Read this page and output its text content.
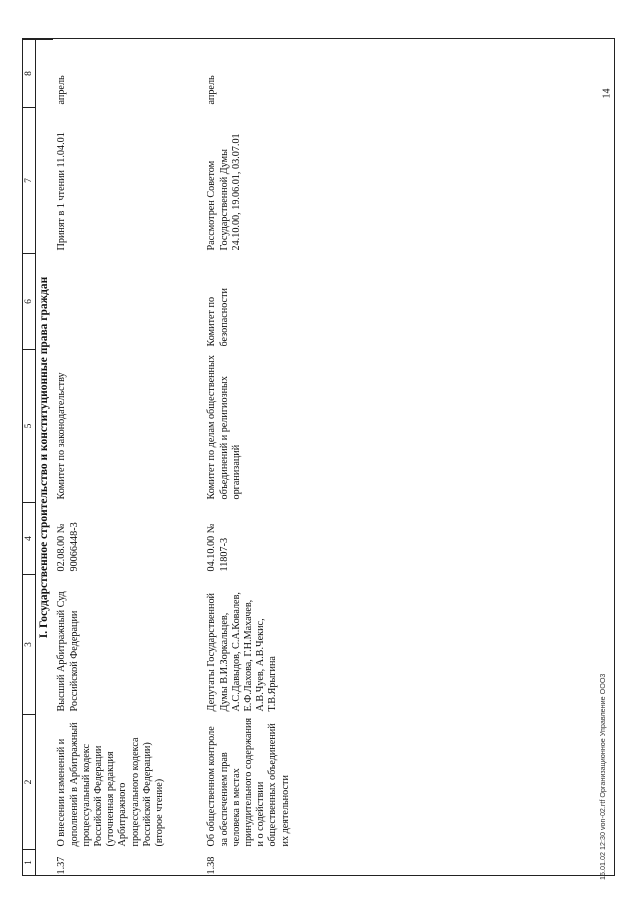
1	2	3	4	5	6	7	8
I. Государственное строительство и конституционные права граждан							
1.37	О внесении изменений и дополнений в Арбитражный процессуальный кодекс Российской Федерации (уточненная редакция Арбитражного процессуального кодекса Российской Федерации) (второе чтение)	Высший Арбитражный Суд Российской Федерации	02.08.00 № 90066448-3	Комитет по законодательству		Принят в 1 чтении 11.04.01	апрель
1.38	Об общественном контроле за обеспечением прав человека в местах принудительного содержания и о содействии общественных объединений их деятельности	Депутаты Государственной Думы В.И.Зоркальцев, А.С.Давыдов, С.А.Ковалев, Е.Ф.Лахова, Г.Н.Махачев, А.В.Чуев, А.В.Чекис, Т.В.Ярыгина	04.10.00 № 11807-3	Комитет по делам общественных объединений и религиозных организаций	Комитет по безопасности	Рассмотрен Советом Государственной Думы 24.10.00, 19.06.01, 03.07.01	апрель	14
16.01.02 12:30 von-02.rtf Организационное Управление ООО3
